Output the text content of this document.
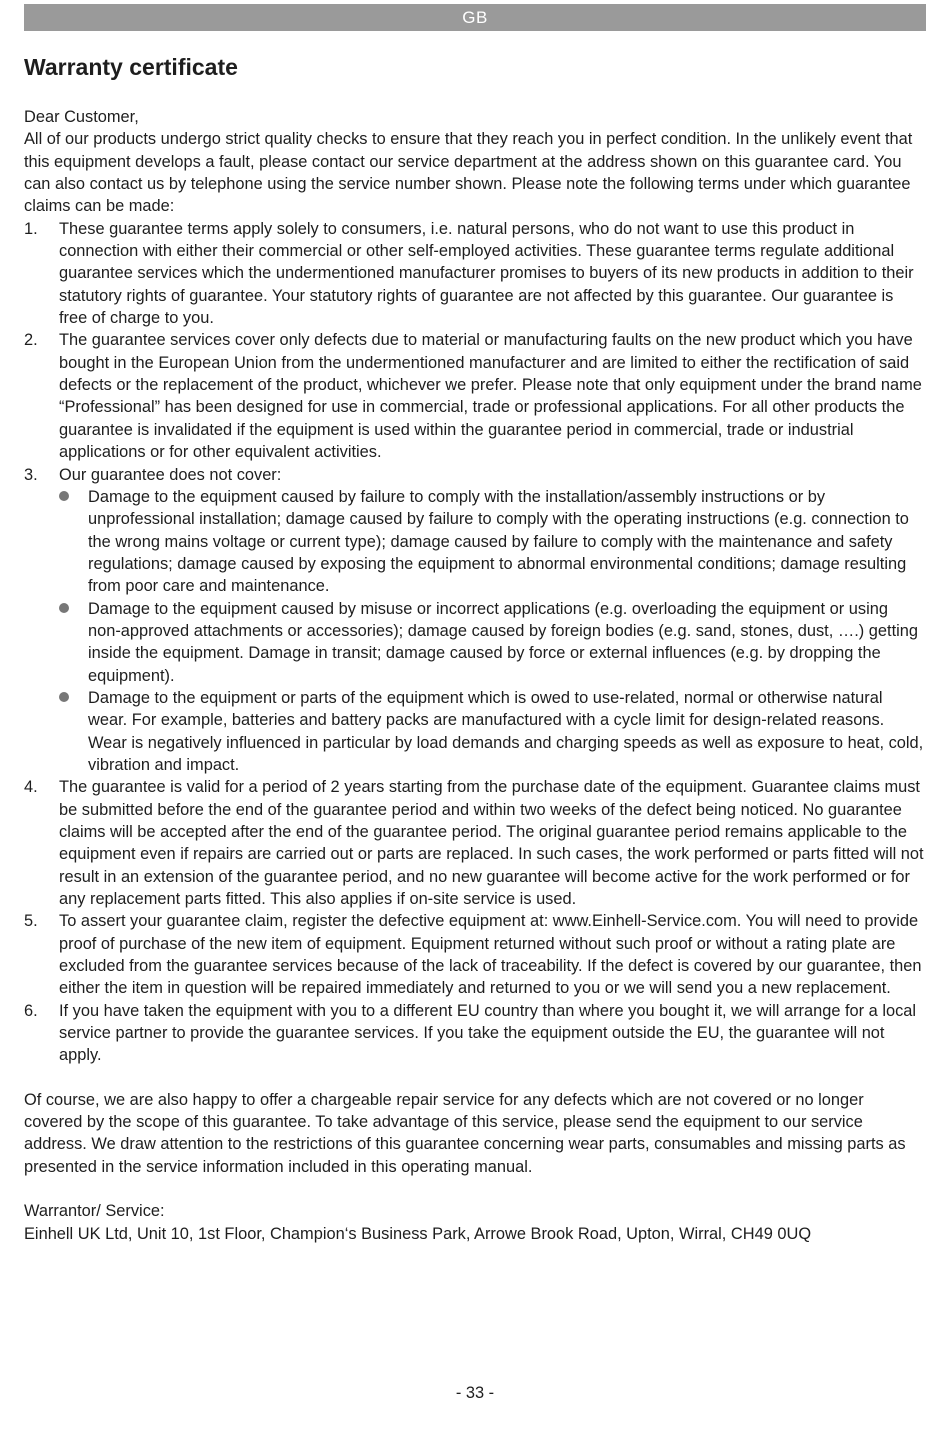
GB
Warranty certificate

Dear Customer,

All of our products undergo strict quality checks to ensure that they reach you in perfect condition. In the unlikely event that this equipment develops a fault, please contact our service department at the address shown on this guarantee card. You can also contact us by telephone using the service number shown. Please note the following terms under which guarantee claims can be made:

1. These guarantee terms apply solely to consumers, i.e. natural persons, who do not want to use this product in connection with either their commercial or other self-employed activities. These guarantee terms regulate additional guarantee services which the undermentioned manufacturer promises to buyers of its new products in addition to their statutory rights of guarantee. Your statutory rights of guarantee are not affected by this guarantee. Our guarantee is free of charge to you.
2. The guarantee services cover only defects due to material or manufacturing faults on the new product which you have bought in the European Union from the undermentioned manufacturer and are limited to either the rectification of said defects or the replacement of the product, whichever we prefer. Please note that only equipment under the brand name “Professional” has been designed for use in commercial, trade or professional applications. For all other products the guarantee is invalidated if the equipment is used within the guarantee period in commercial, trade or industrial applications or for other equivalent activities.
3. Our guarantee does not cover:
Damage to the equipment caused by failure to comply with the installation/assembly instructions or by unprofessional installation; damage caused by failure to comply with the operating instructions (e.g. connection to the wrong mains voltage or current type); damage caused by failure to comply with the maintenance and safety regulations; damage caused by exposing the equipment to abnormal environmental conditions; damage resulting from poor care and maintenance.
Damage to the equipment caused by misuse or incorrect applications (e.g. overloading the equipment or using non-approved attachments or accessories); damage caused by foreign bodies (e.g. sand, stones, dust, ….) getting inside the equipment. Damage in transit; damage caused by force or external influences (e.g. by dropping the equipment).
Damage to the equipment or parts of the equipment which is owed to use-related, normal or otherwise natural wear. For example, batteries and battery packs are manufactured with a cycle limit for design-related reasons. Wear is negatively influenced in particular by load demands and charging speeds as well as exposure to heat, cold, vibration and impact.
4. The guarantee is valid for a period of 2 years starting from the purchase date of the equipment. Guarantee claims must be submitted before the end of the guarantee period and within two weeks of the defect being noticed. No guarantee claims will be accepted after the end of the guarantee period. The original guarantee period remains applicable to the equipment even if repairs are carried out or parts are replaced. In such cases, the work performed or parts fitted will not result in an extension of the guarantee period, and no new guarantee will become active for the work performed or for any replacement parts fitted. This also applies if on-site service is used.
5. To assert your guarantee claim, register the defective equipment at: www.Einhell-Service.com. You will need to provide proof of purchase of the new item of equipment. Equipment returned without such proof or without a rating plate are excluded from the guarantee services because of the lack of traceability. If the defect is covered by our guarantee, then either the item in question will be repaired immediately and returned to you or we will send you a new replacement.
6. If you have taken the equipment with you to a different EU country than where you bought it, we will arrange for a local service partner to provide the guarantee services. If you take the equipment outside the EU, the guarantee will not apply.

Of course, we are also happy to offer a chargeable repair service for any defects which are not covered or no longer covered by the scope of this guarantee. To take advantage of this service, please send the equipment to our service address. We draw attention to the restrictions of this guarantee concerning wear parts, consumables and missing parts as presented in the service information included in this operating manual.

Warrantor/ Service:

Einhell UK Ltd, Unit 10, 1st Floor, Champion‘s Business Park, Arrowe Brook Road, Upton, Wirral, CH49 0UQ

- 33 -
